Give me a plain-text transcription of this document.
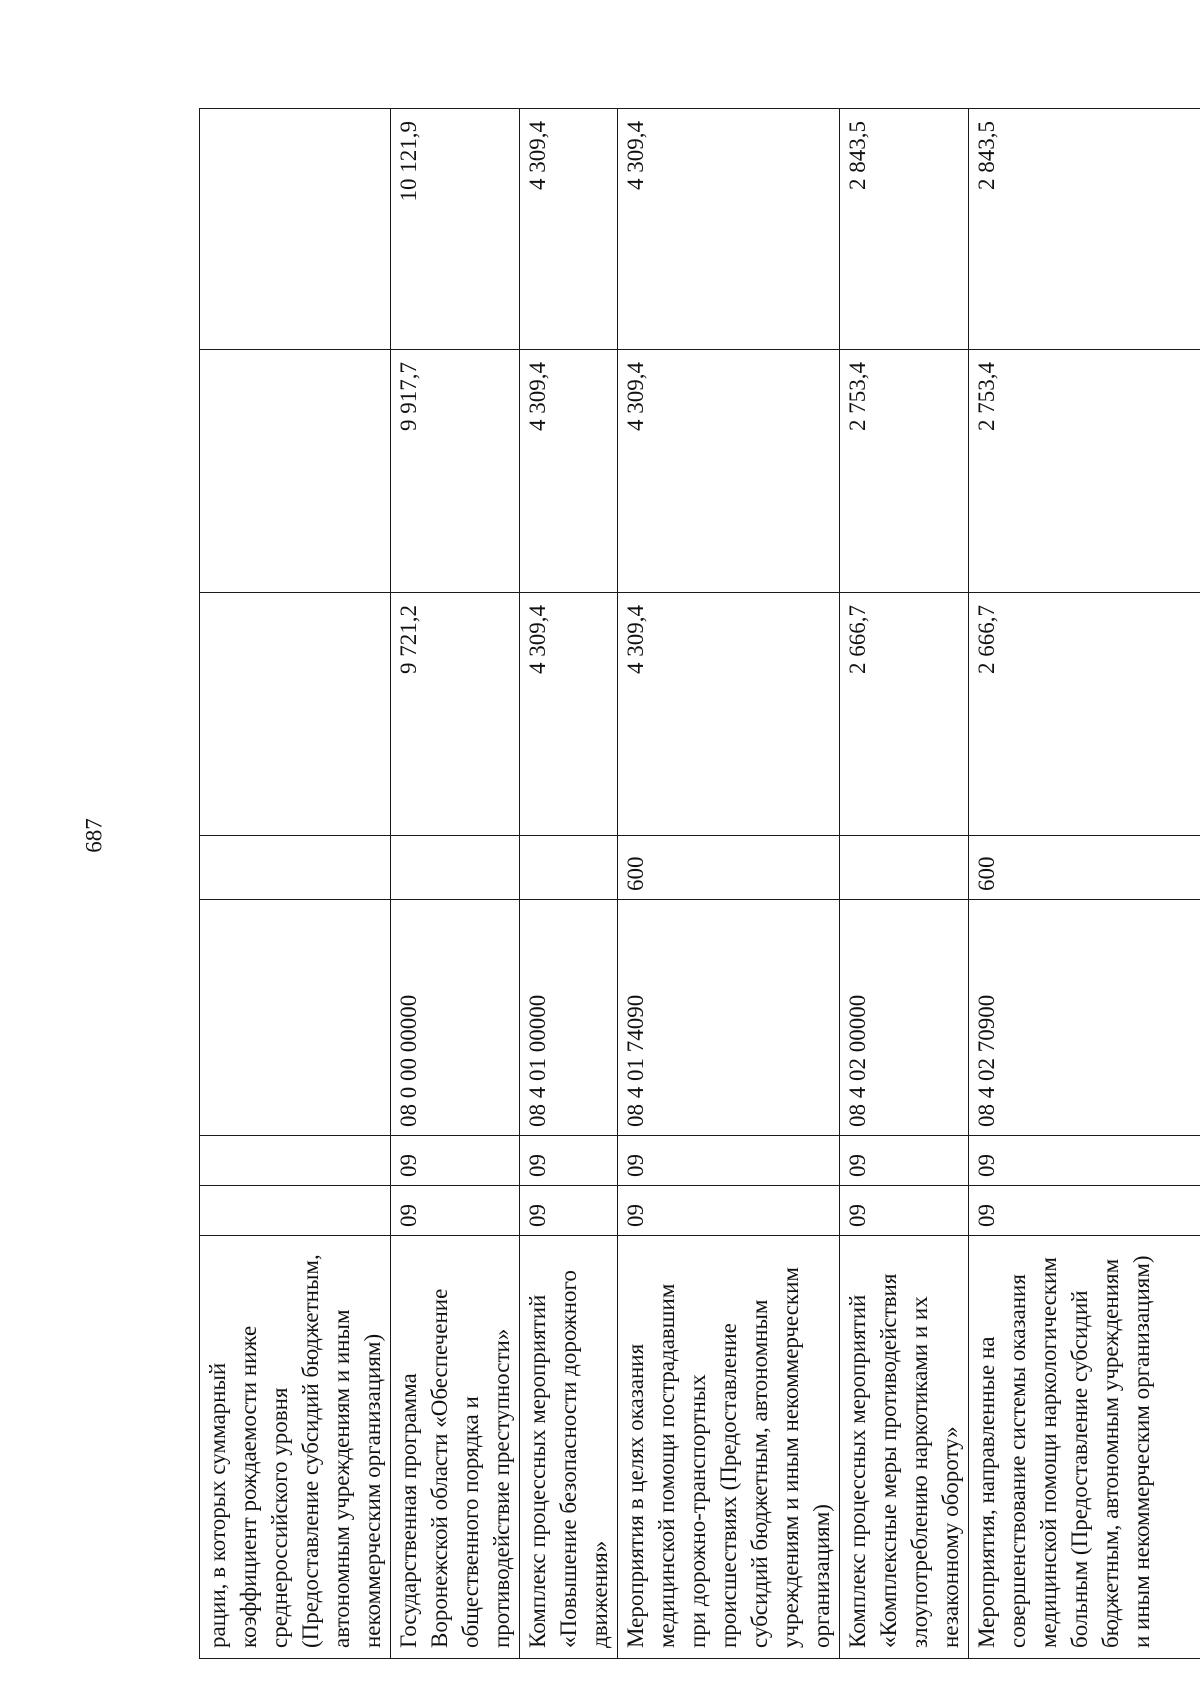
687
рации, в которых суммарный коэффициент рождаемости ниже среднероссийского уровня (Предоставление субсидий бюджетным, автономным учреждениям и иным некоммерческим организациям)							
Государственная программа Воронежской области «Обеспечение общественного порядка и противодействие преступности»	09	09	08 0 00 00000		9 721,2	9 917,7	10 121,9
Комплекс процессных мероприятий «Повышение безопасности дорожного движения»	09	09	08 4 01 00000		4 309,4	4 309,4	4 309,4
Мероприятия в целях оказания медицинской помощи пострадавшим при дорожно-транспортных происшествиях (Предоставление субсидий бюджетным, автономным учреждениям и иным некоммерческим организациям)	09	09	08 4 01 74090	600	4 309,4	4 309,4	4 309,4
Комплекс процессных мероприятий «Комплексные меры противодействия злоупотреблению наркотиками и их незаконному обороту»	09	09	08 4 02 00000		2 666,7	2 753,4	2 843,5
Мероприятия, направленные на совершенствование системы оказания медицинской помощи наркологическим больным (Предоставление субсидий бюджетным, автономным учреждениям и иным некоммерческим организациям)	09	09	08 4 02 70900	600	2 666,7	2 753,4	2 843,5
